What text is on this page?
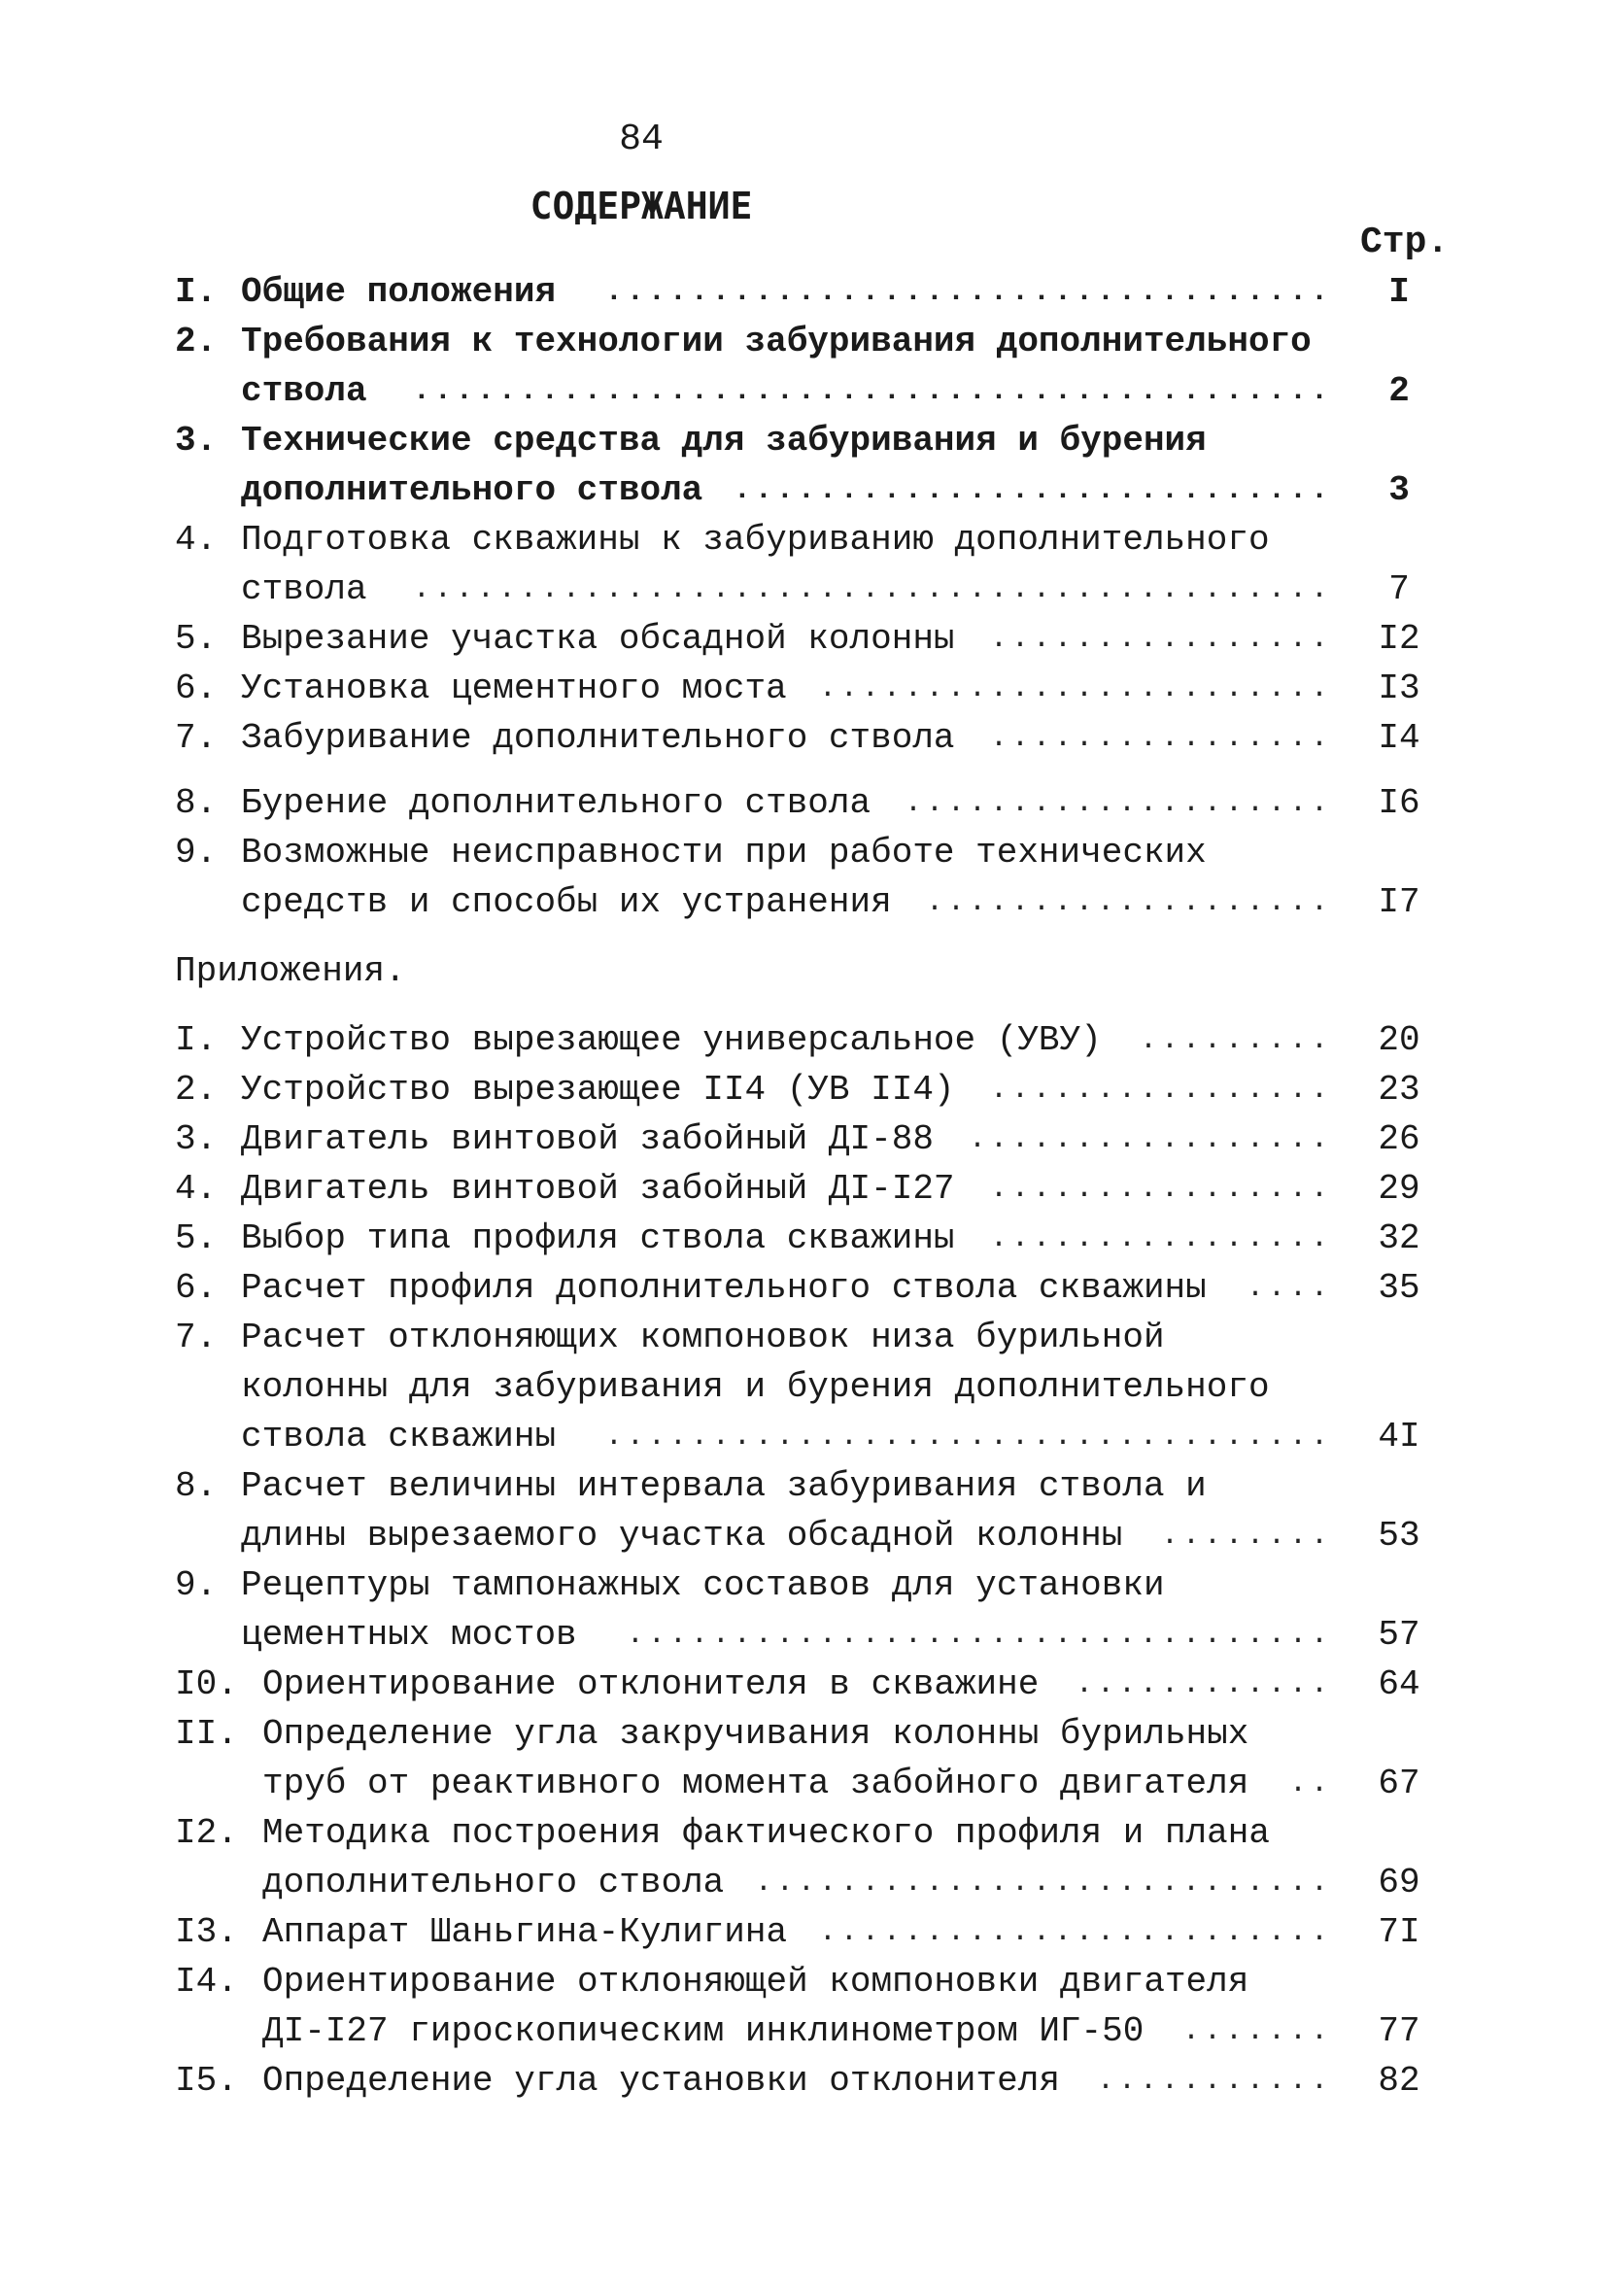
84
СОДЕРЖАНИЕ
Стр.
I. Общие положения ..................................	I
2. Требования к технологии забуривания дополнительного
ствола ...........................................	2
3. Технические средства для забуривания и бурения
дополнительного ствола ............................	3
4. Подготовка скважины к забуриванию дополнительного
ствола ...........................................	7
5. Вырезание участка обсадной колонны ................	I2
6. Установка цементного моста ........................	I3
7. Забуривание дополнительного ствола ................	I4
8. Бурение дополнительного ствола ....................	I6
9. Возможные неисправности при работе технических
средств и способы их устранения ...................	I7
Приложения.
I. Устройство вырезающее универсальное (УВУ) .........	20
2. Устройство вырезающее II4 (УВ II4) ................	23
3. Двигатель винтовой забойный ДI-88 .................	26
4. Двигатель винтовой забойный ДI-I27 ................	29
5. Выбор типа профиля ствола скважины ................	32
6. Расчет профиля дополнительного ствола скважины ....	35
7. Расчет отклоняющих компоновок низа бурильной
колонны для забуривания и бурения дополнительного
ствола скважины ..................................	4I
8. Расчет величины интервала забуривания ствола и
длины вырезаемого участка обсадной колонны ........	53
9. Рецептуры тампонажных составов для установки
цементных мостов .................................	57
I0. Ориентирование отклонителя в скважине ............	64
II. Определение угла закручивания колонны бурильных
труб от реактивного момента забойного двигателя ..	67
I2. Методика построения фактического профиля и плана
дополнительного ствола ...........................	69
I3. Аппарат Шаньгина-Кулигина ........................	7I
I4. Ориентирование отклоняющей компоновки двигателя
ДI-I27 гироскопическим инклинометром ИГ-50 .......	77
I5. Определение угла установки отклонителя ...........	82
